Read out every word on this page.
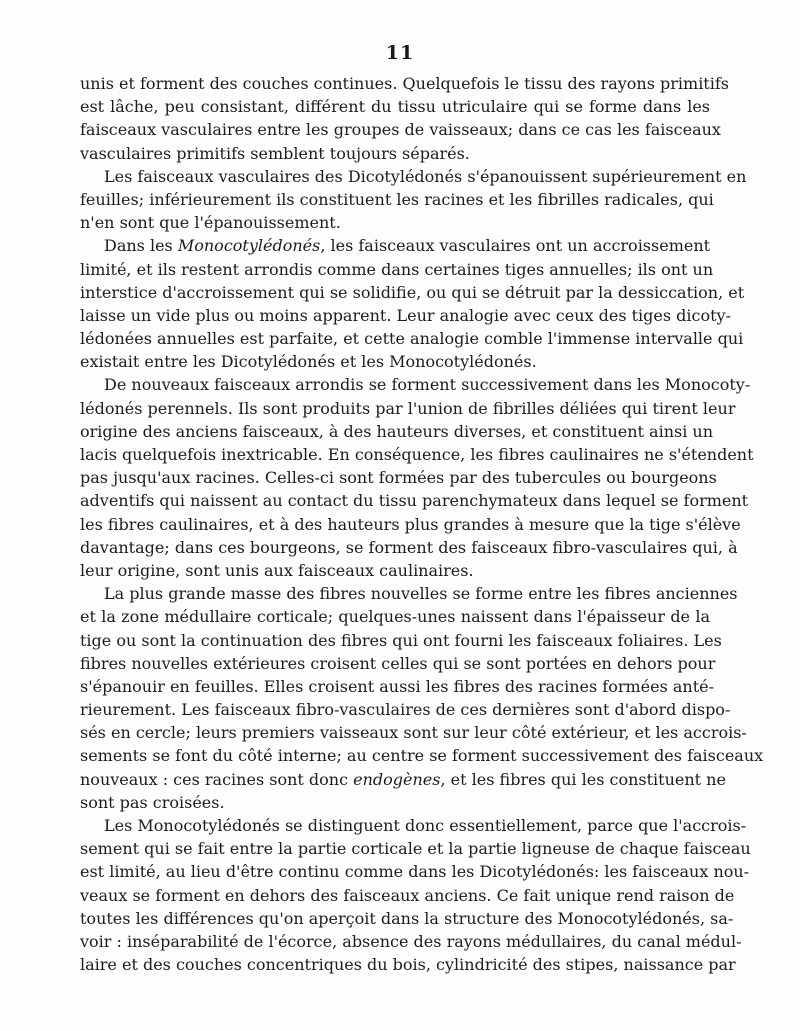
11
unis et forment des couches continues. Quelquefois le tissu des rayons primitifs
est lâche, peu consistant, différent du tissu utriculaire qui se forme dans les
faisceaux vasculaires entre les groupes de vaisseaux; dans ce cas les faisceaux
vasculaires primitifs semblent toujours séparés.
Les faisceaux vasculaires des Dicotylédonés s'épanouissent supérieurement en
feuilles; inférieurement ils constituent les racines et les fibrilles radicales, qui
n'en sont que l'épanouissement.
Dans les Monocotylédonés, les faisceaux vasculaires ont un accroissement
limité, et ils restent arrondis comme dans certaines tiges annuelles; ils ont un
interstice d'accroissement qui se solidifie, ou qui se détruit par la dessiccation, et
laisse un vide plus ou moins apparent. Leur analogie avec ceux des tiges dicoty-
lédonées annuelles est parfaite, et cette analogie comble l'immense intervalle qui
existait entre les Dicotylédonés et les Monocotylédonés.
De nouveaux faisceaux arrondis se forment successivement dans les Monocoty-
lédonés perennels. Ils sont produits par l'union de fibrilles déliées qui tirent leur
origine des anciens faisceaux, à des hauteurs diverses, et constituent ainsi un
lacis quelquefois inextricable. En conséquence, les fibres caulinaires ne s'étendent
pas jusqu'aux racines. Celles-ci sont formées par des tubercules ou bourgeons
adventifs qui naissent au contact du tissu parenchymateux dans lequel se forment
les fibres caulinaires, et à des hauteurs plus grandes à mesure que la tige s'élève
davantage; dans ces bourgeons, se forment des faisceaux fibro-vasculaires qui, à
leur origine, sont unis aux faisceaux caulinaires.
La plus grande masse des fibres nouvelles se forme entre les fibres anciennes
et la zone médullaire corticale; quelques-unes naissent dans l'épaisseur de la
tige ou sont la continuation des fibres qui ont fourni les faisceaux foliaires. Les
fibres nouvelles extérieures croisent celles qui se sont portées en dehors pour
s'épanouir en feuilles. Elles croisent aussi les fibres des racines formées anté-
rieurement. Les faisceaux fibro-vasculaires de ces dernières sont d'abord dispo-
sés en cercle; leurs premiers vaisseaux sont sur leur côté extérieur, et les accrois-
sements se font du côté interne; au centre se forment successivement des faisceaux
nouveaux : ces racines sont donc endogènes, et les fibres qui les constituent ne
sont pas croisées.
Les Monocotylédonés se distinguent donc essentiellement, parce que l'accrois-
sement qui se fait entre la partie corticale et la partie ligneuse de chaque faisceau
est limité, au lieu d'être continu comme dans les Dicotylédonés: les faisceaux nou-
veaux se forment en dehors des faisceaux anciens. Ce fait unique rend raison de
toutes les différences qu'on aperçoit dans la structure des Monocotylédonés, sa-
voir : inséparabilité de l'écorce, absence des rayons médullaires, du canal médul-
laire et des couches concentriques du bois, cylindricité des stipes, naissance par
